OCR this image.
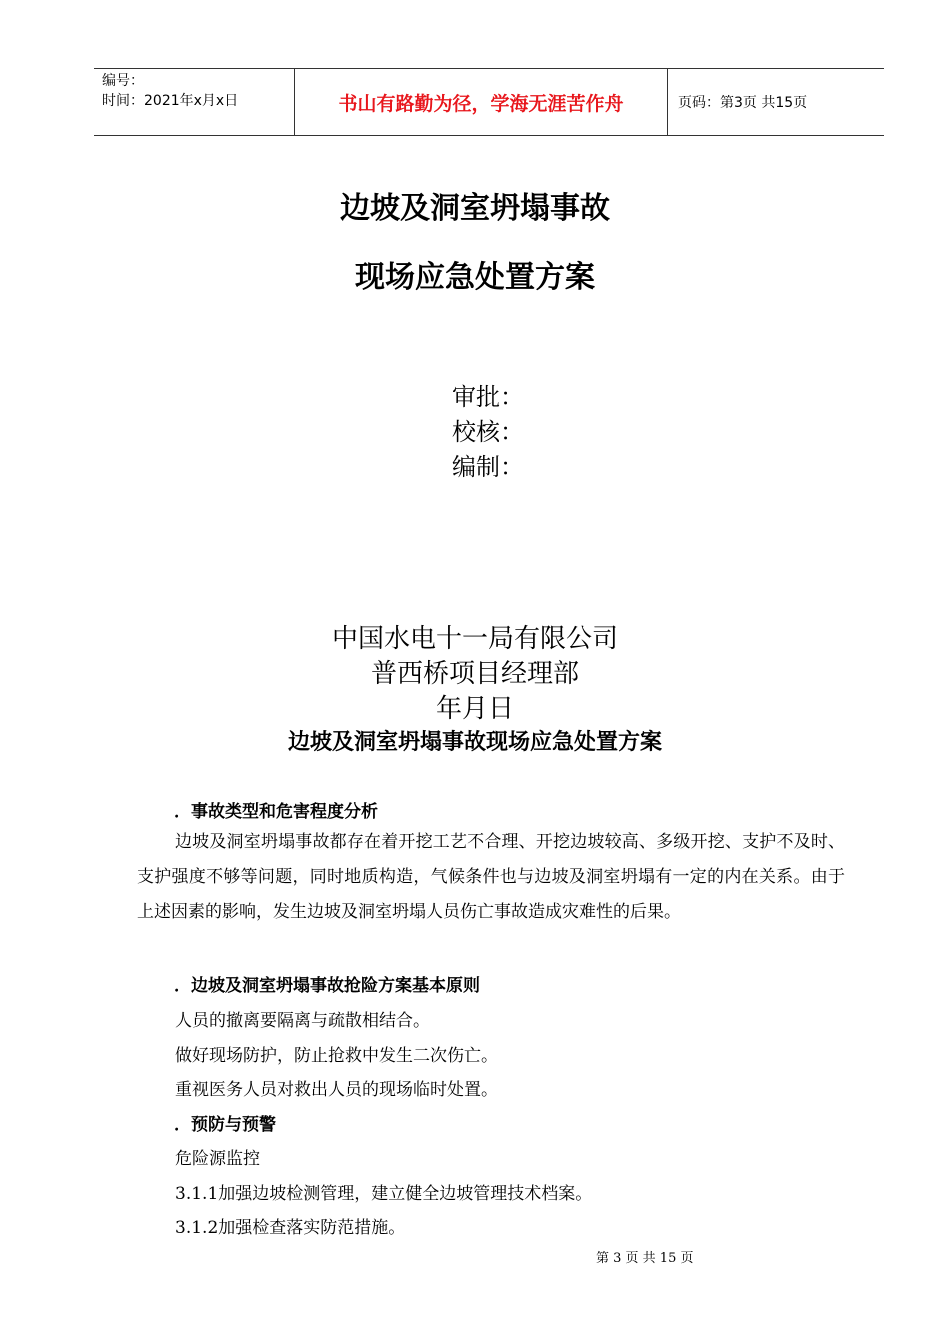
编号：
时间：2021年x月x日	书山有路勤为径，学海无涯苦作舟	页码：第3页 共15页
边坡及洞室坍塌事故
现场应急处置方案
审批：
校核：
编制：
中国水电十一局有限公司
普西桥项目经理部
年月日
边坡及洞室坍塌事故现场应急处置方案
．事故类型和危害程度分析
边坡及洞室坍塌事故都存在着开挖工艺不合理、开挖边坡较高、多级开挖、支护不及时、支护强度不够等问题，同时地质构造，气候条件也与边坡及洞室坍塌有一定的内在关系。由于上述因素的影响，发生边坡及洞室坍塌人员伤亡事故造成灾难性的后果。
．边坡及洞室坍塌事故抢险方案基本原则
人员的撤离要隔离与疏散相结合。
做好现场防护，防止抢救中发生二次伤亡。
重视医务人员对救出人员的现场临时处置。
．预防与预警
危险源监控
3.1.1加强边坡检测管理，建立健全边坡管理技术档案。
3.1.2加强检查落实防范措施。
第 3 页 共 15 页
